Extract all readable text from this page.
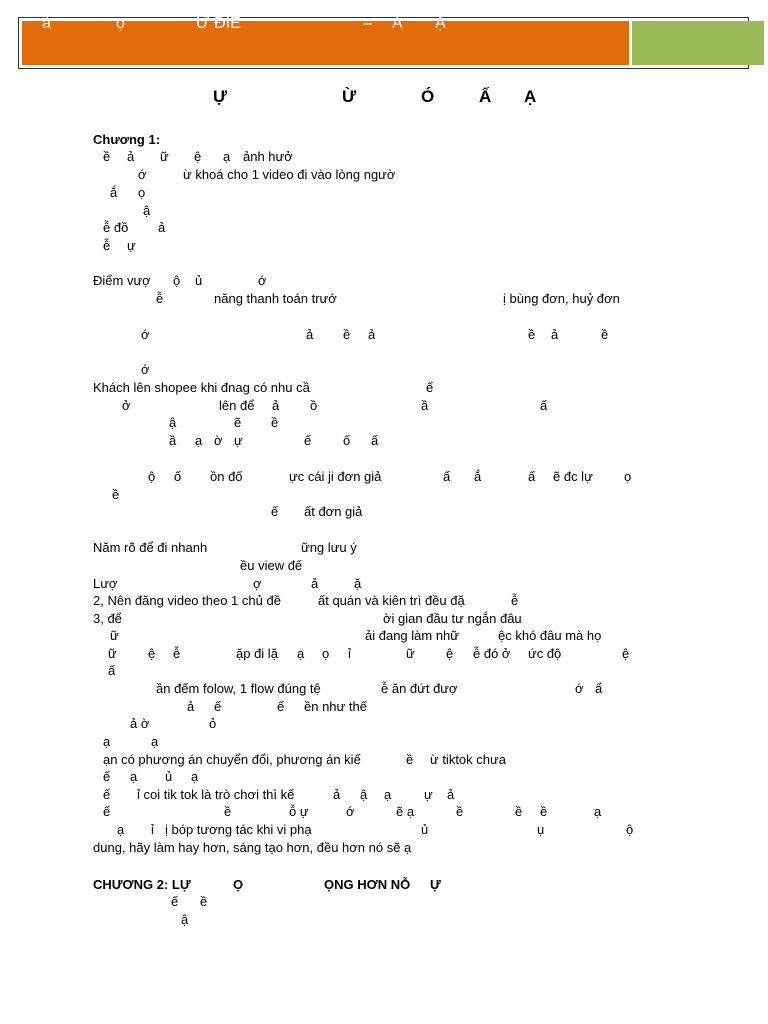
ả	ọ	Ừ ĐIỂ	– Ấ Ạ
Ự	Ừ	Ó	Ấ Ạ
Chương 1:
ề ả ữ ệ ạ ảnh hưở
ớ	ừ khoá cho 1 video đi vào lòng ngườ
ắ ọ
ậ
ễ đồ ả
ễ ự
Điểm vượ ộ ủ	ớ
ễ	năng thanh toán trướ	ị bùng đơn, huỷ đơn
ớ	ả ề ả	ề ả	ề
ớ
Khách lên shopee khi đnag có nhu cầ	ế
ở	lên để ả ồ	ầ	ấ
ậ	ẽ ề
ầ ạ ờ ự	ế ố ấ
ộ ố ồn đố	ực cái ji đơn giả	ấ ắ	ấ ẽ đc lự ọ
ề
ế ất đơn giả
Năm rõ để đi nhanh	ững lưu ý
ều view đế
Lượ	ợ	ả	ặ
2, Nên đăng video theo 1 chủ đề	ất quán và kiên trì đều đặ	ễ
3, để	ời gian đầu tư ngắn đâu
ữ	ải đang làm nhữ	ệc khó đâu mà họ
ữ ệ ễ	ặp đi lặ ạ ọ ỉ	ữ ệ ễ đó ở ức độ	ệ
ấ
ần đếm folow, 1 flow đúng tệ	ễ ăn đứt đượ	ớ ẩ
ả ế	ế ền như thế
ả ờ	ỏ
ạ	ạ
ạn có phương án chuyển đổi, phương án kiế	ề ừ tiktok chưa
ế ạ ủ ạ
ế ỉ coi tik tok là trò chơi thì kế	ả ậ ạ	ự ả
ế	ề	ỗ ự	ớ	ẽ ạ	ề	ề ề	ạ
ạ ỉ ị bóp tương tác khi vi phạ	ủ	ụ	ộ
dung, hãy làm hay hơn, sáng tạo hơn, đều hơn nó sẽ ạ
CHƯƠNG 2: LỰ	Ọ	ỌNG HƠN NỖ Ự
ế ề
ậ
